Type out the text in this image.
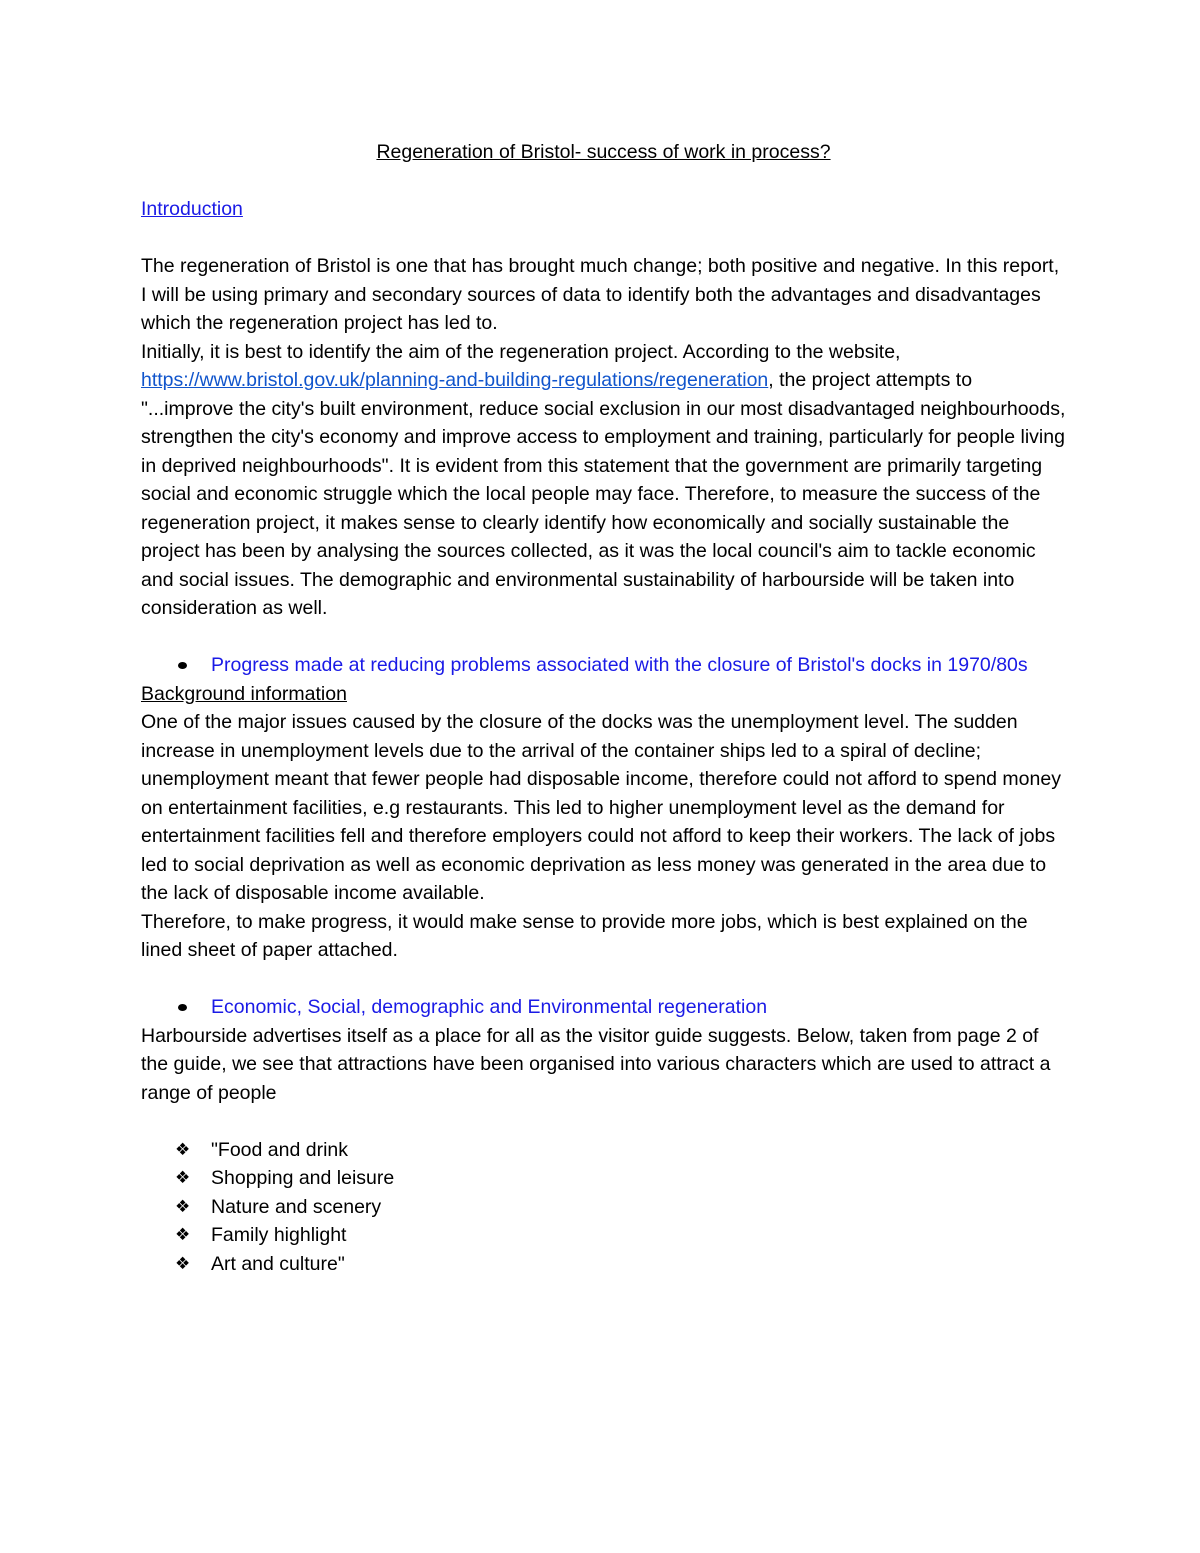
Regeneration of Bristol- success of work in process?
Introduction

The regeneration of Bristol is one that has brought much change; both positive and negative. In this report, I will be using primary and secondary sources of data to identify both the advantages and disadvantages which the regeneration project has led to.

Initially, it is best to identify the aim of the regeneration project. According to the website, https://www.bristol.gov.uk/planning-and-building-regulations/regeneration, the project attempts to "...improve the city's built environment, reduce social exclusion in our most disadvantaged neighbourhoods, strengthen the city's economy and improve access to employment and training, particularly for people living in deprived neighbourhoods". It is evident from this statement that the government are primarily targeting social and economic struggle which the local people may face. Therefore, to measure the success of the regeneration project, it makes sense to clearly identify how economically and socially sustainable the project has been by analysing the sources collected, as it was the local council's aim to tackle economic and social issues. The demographic and environmental sustainability of harbourside will be taken into consideration as well.

Progress made at reducing problems associated with the closure of Bristol's docks in 1970/80s
Background information

One of the major issues caused by the closure of the docks was the unemployment level. The sudden increase in unemployment levels due to the arrival of the container ships led to a spiral of decline; unemployment meant that fewer people had disposable income, therefore could not afford to spend money on entertainment facilities, e.g restaurants. This led to higher unemployment level as the demand for entertainment facilities fell and therefore employers could not afford to keep their workers. The lack of jobs led to social deprivation as well as economic deprivation as less money was generated in the area due to the lack of disposable income available.

Therefore, to make progress, it would make sense to provide more jobs, which is best explained on the lined sheet of paper attached.

Economic, Social, demographic and Environmental regeneration

Harbourside advertises itself as a place for all as the visitor guide suggests. Below, taken from page 2 of the guide, we see that attractions have been organised into various characters which are used to attract a range of people

❖ "Food and drink
❖ Shopping and leisure
❖ Nature and scenery
❖ Family highlight
❖ Art and culture"
